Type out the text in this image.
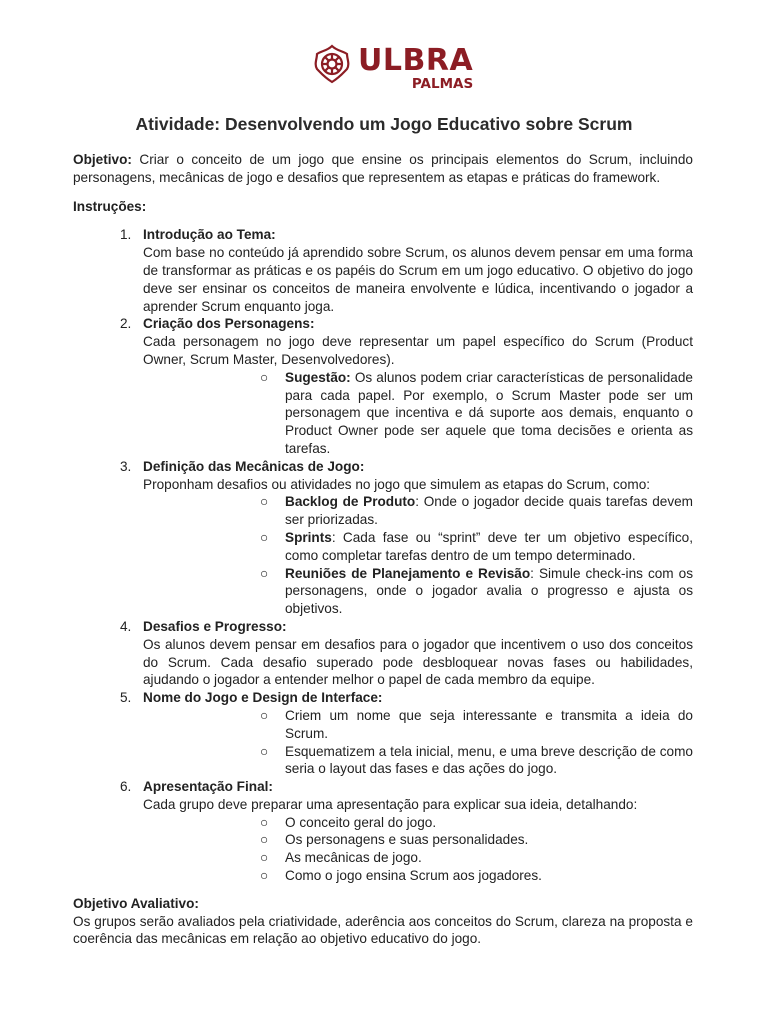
ULBRA
PALMAS
Atividade: Desenvolvendo um Jogo Educativo sobre Scrum

Objetivo: Criar o conceito de um jogo que ensine os principais elementos do Scrum, incluindo personagens, mecânicas de jogo e desafios que representem as etapas e práticas do framework.

Instruções:

1. Introdução ao Tema:

Com base no conteúdo já aprendido sobre Scrum, os alunos devem pensar em uma forma de transformar as práticas e os papéis do Scrum em um jogo educativo. O objetivo do jogo deve ser ensinar os conceitos de maneira envolvente e lúdica, incentivando o jogador a aprender Scrum enquanto joga.

2. Criação dos Personagens:

Cada personagem no jogo deve representar um papel específico do Scrum (Product Owner, Scrum Master, Desenvolvedores).

○ Sugestão: Os alunos podem criar características de personalidade para cada papel. Por exemplo, o Scrum Master pode ser um personagem que incentiva e dá suporte aos demais, enquanto o Product Owner pode ser aquele que toma decisões e orienta as tarefas.
3. Definição das Mecânicas de Jogo:

Proponham desafios ou atividades no jogo que simulem as etapas do Scrum, como:

○ Backlog de Produto: Onde o jogador decide quais tarefas devem ser priorizadas.
○ Sprints: Cada fase ou “sprint” deve ter um objetivo específico, como completar tarefas dentro de um tempo determinado.
○ Reuniões de Planejamento e Revisão: Simule check-ins com os personagens, onde o jogador avalia o progresso e ajusta os objetivos.
4. Desafios e Progresso:

Os alunos devem pensar em desafios para o jogador que incentivem o uso dos conceitos do Scrum. Cada desafio superado pode desbloquear novas fases ou habilidades, ajudando o jogador a entender melhor o papel de cada membro da equipe.

5. Nome do Jogo e Design de Interface:
○ Criem um nome que seja interessante e transmita a ideia do Scrum.
○ Esquematizem a tela inicial, menu, e uma breve descrição de como seria o layout das fases e das ações do jogo.
6. Apresentação Final:

Cada grupo deve preparar uma apresentação para explicar sua ideia, detalhando:

○ O conceito geral do jogo.
○ Os personagens e suas personalidades.
○ As mecânicas de jogo.
○ Como o jogo ensina Scrum aos jogadores.

Objetivo Avaliativo:

Os grupos serão avaliados pela criatividade, aderência aos conceitos do Scrum, clareza na proposta e coerência das mecânicas em relação ao objetivo educativo do jogo.
